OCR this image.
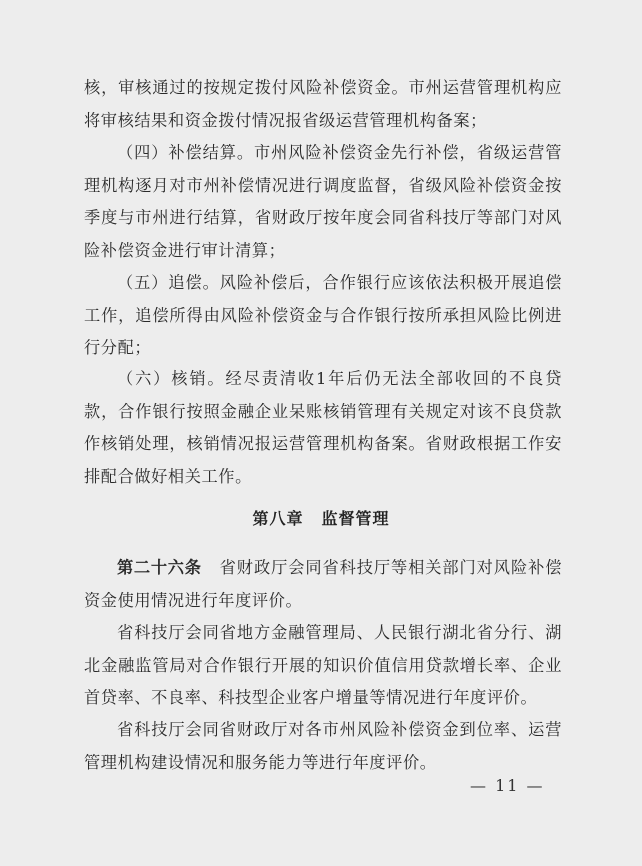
核，审核通过的按规定拨付风险补偿资金。市州运营管理机构应将审核结果和资金拨付情况报省级运营管理机构备案；

（四）补偿结算。市州风险补偿资金先行补偿，省级运营管理机构逐月对市州补偿情况进行调度监督，省级风险补偿资金按季度与市州进行结算，省财政厅按年度会同省科技厅等部门对风险补偿资金进行审计清算；

（五）追偿。风险补偿后，合作银行应该依法积极开展追偿工作，追偿所得由风险补偿资金与合作银行按所承担风险比例进行分配；

（六）核销。经尽责清收1年后仍无法全部收回的不良贷款，合作银行按照金融企业呆账核销管理有关规定对该不良贷款作核销处理，核销情况报运营管理机构备案。省财政根据工作安排配合做好相关工作。

第八章 监督管理

第二十六条 省财政厅会同省科技厅等相关部门对风险补偿资金使用情况进行年度评价。

省科技厅会同省地方金融管理局、人民银行湖北省分行、湖北金融监管局对合作银行开展的知识价值信用贷款增长率、企业首贷率、不良率、科技型企业客户增量等情况进行年度评价。

省科技厅会同省财政厅对各市州风险补偿资金到位率、运营管理机构建设情况和服务能力等进行年度评价。

— 11 —
